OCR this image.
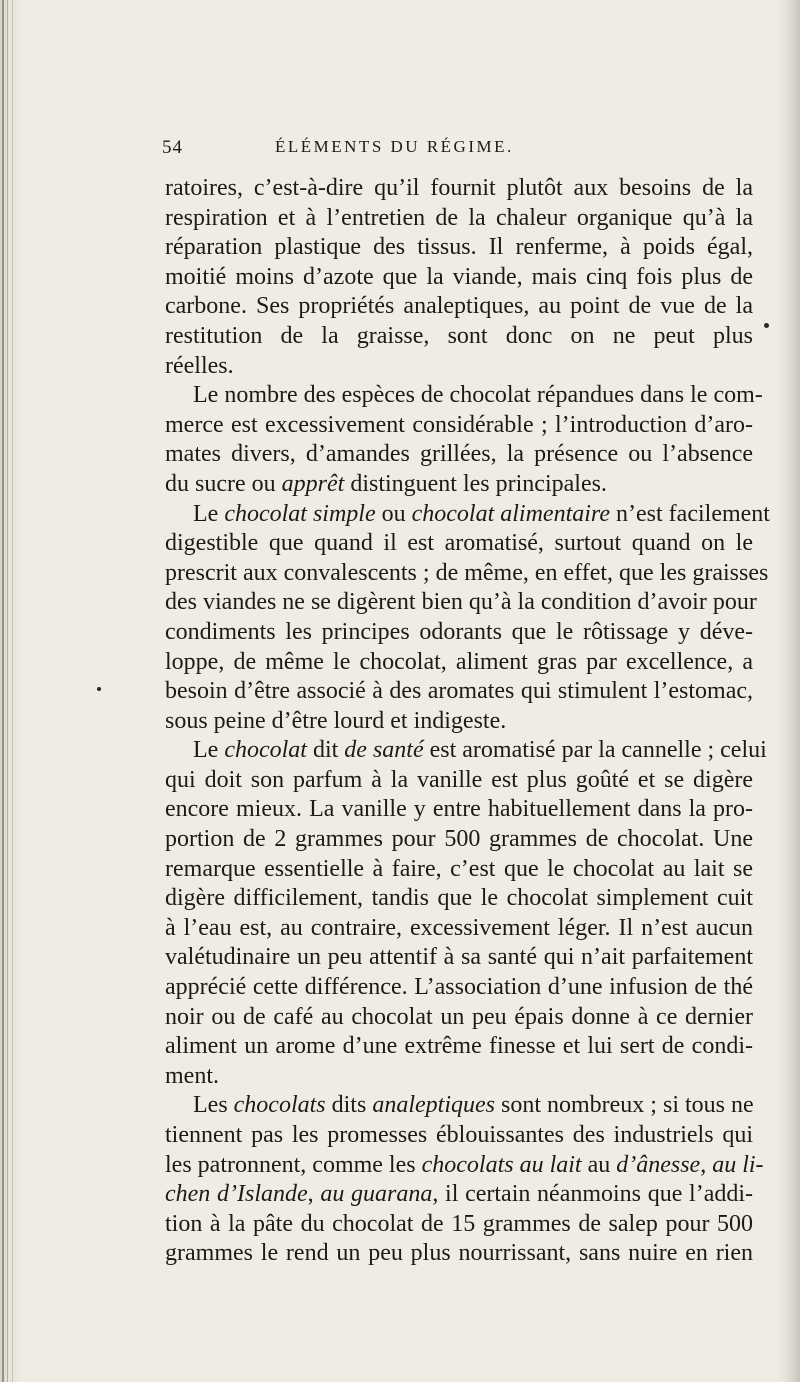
54	ÉLÉMENTS DU RÉGIME.
ratoires, c’est-à-dire qu’il fournit plutôt aux besoins de la
respiration et à l’entretien de la chaleur organique qu’à la
réparation plastique des tissus. Il renferme, à poids égal,
moitié moins d’azote que la viande, mais cinq fois plus de
carbone. Ses propriétés analeptiques, au point de vue de la
restitution de la graisse, sont donc on ne peut plus
réelles.
Le nombre des espèces de chocolat répandues dans le com-
merce est excessivement considérable ; l’introduction d’aro-
mates divers, d’amandes grillées, la présence ou l’absence
du sucre ou apprêt distinguent les principales.
Le chocolat simple ou chocolat alimentaire n’est facilement
digestible que quand il est aromatisé, surtout quand on le
prescrit aux convalescents ; de même, en effet, que les graisses
des viandes ne se digèrent bien qu’à la condition d’avoir pour
condiments les principes odorants que le rôtissage y déve-
loppe, de même le chocolat, aliment gras par excellence, a
besoin d’être associé à des aromates qui stimulent l’estomac,
sous peine d’être lourd et indigeste.
Le chocolat dit de santé est aromatisé par la cannelle ; celui
qui doit son parfum à la vanille est plus goûté et se digère
encore mieux. La vanille y entre habituellement dans la pro-
portion de 2 grammes pour 500 grammes de chocolat. Une
remarque essentielle à faire, c’est que le chocolat au lait se
digère difficilement, tandis que le chocolat simplement cuit
à l’eau est, au contraire, excessivement léger. Il n’est aucun
valétudinaire un peu attentif à sa santé qui n’ait parfaitement
apprécié cette différence. L’association d’une infusion de thé
noir ou de café au chocolat un peu épais donne à ce dernier
aliment un arome d’une extrême finesse et lui sert de condi-
ment.
Les chocolats dits analeptiques sont nombreux ; si tous ne
tiennent pas les promesses éblouissantes des industriels qui
les patronnent, comme les chocolats au lait au d’ânesse, au li-
chen d’Islande, au guarana, il certain néanmoins que l’addi-
tion à la pâte du chocolat de 15 grammes de salep pour 500
grammes le rend un peu plus nourrissant, sans nuire en rien
